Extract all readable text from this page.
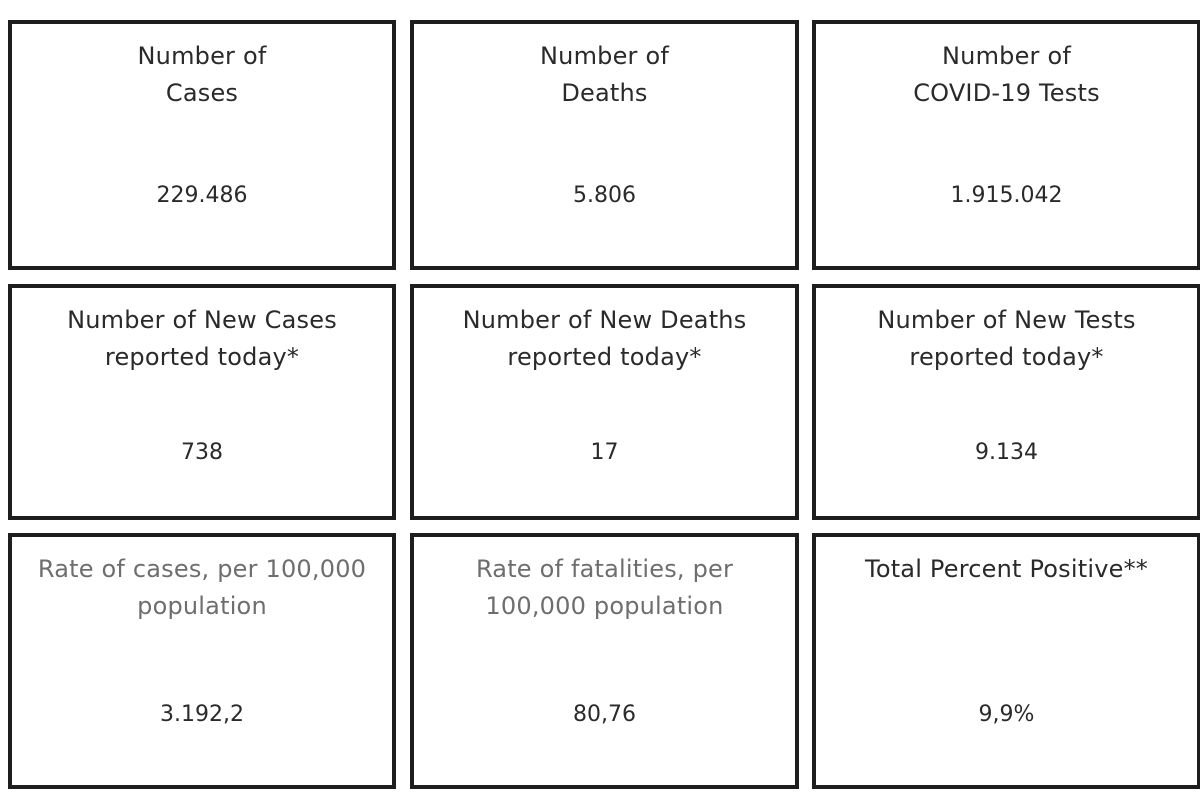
Number of
Cases
229.486
Number of
Deaths
5.806
Number of
COVID-19 Tests
1.915.042
Number of New Cases
reported today*
738
Number of New Deaths
reported today*
17
Number of New Tests
reported today*
9.134
Rate of cases, per 100,000
population
3.192,2
Rate of fatalities, per
100,000 population
80,76
Total Percent Positive**
9,9%
